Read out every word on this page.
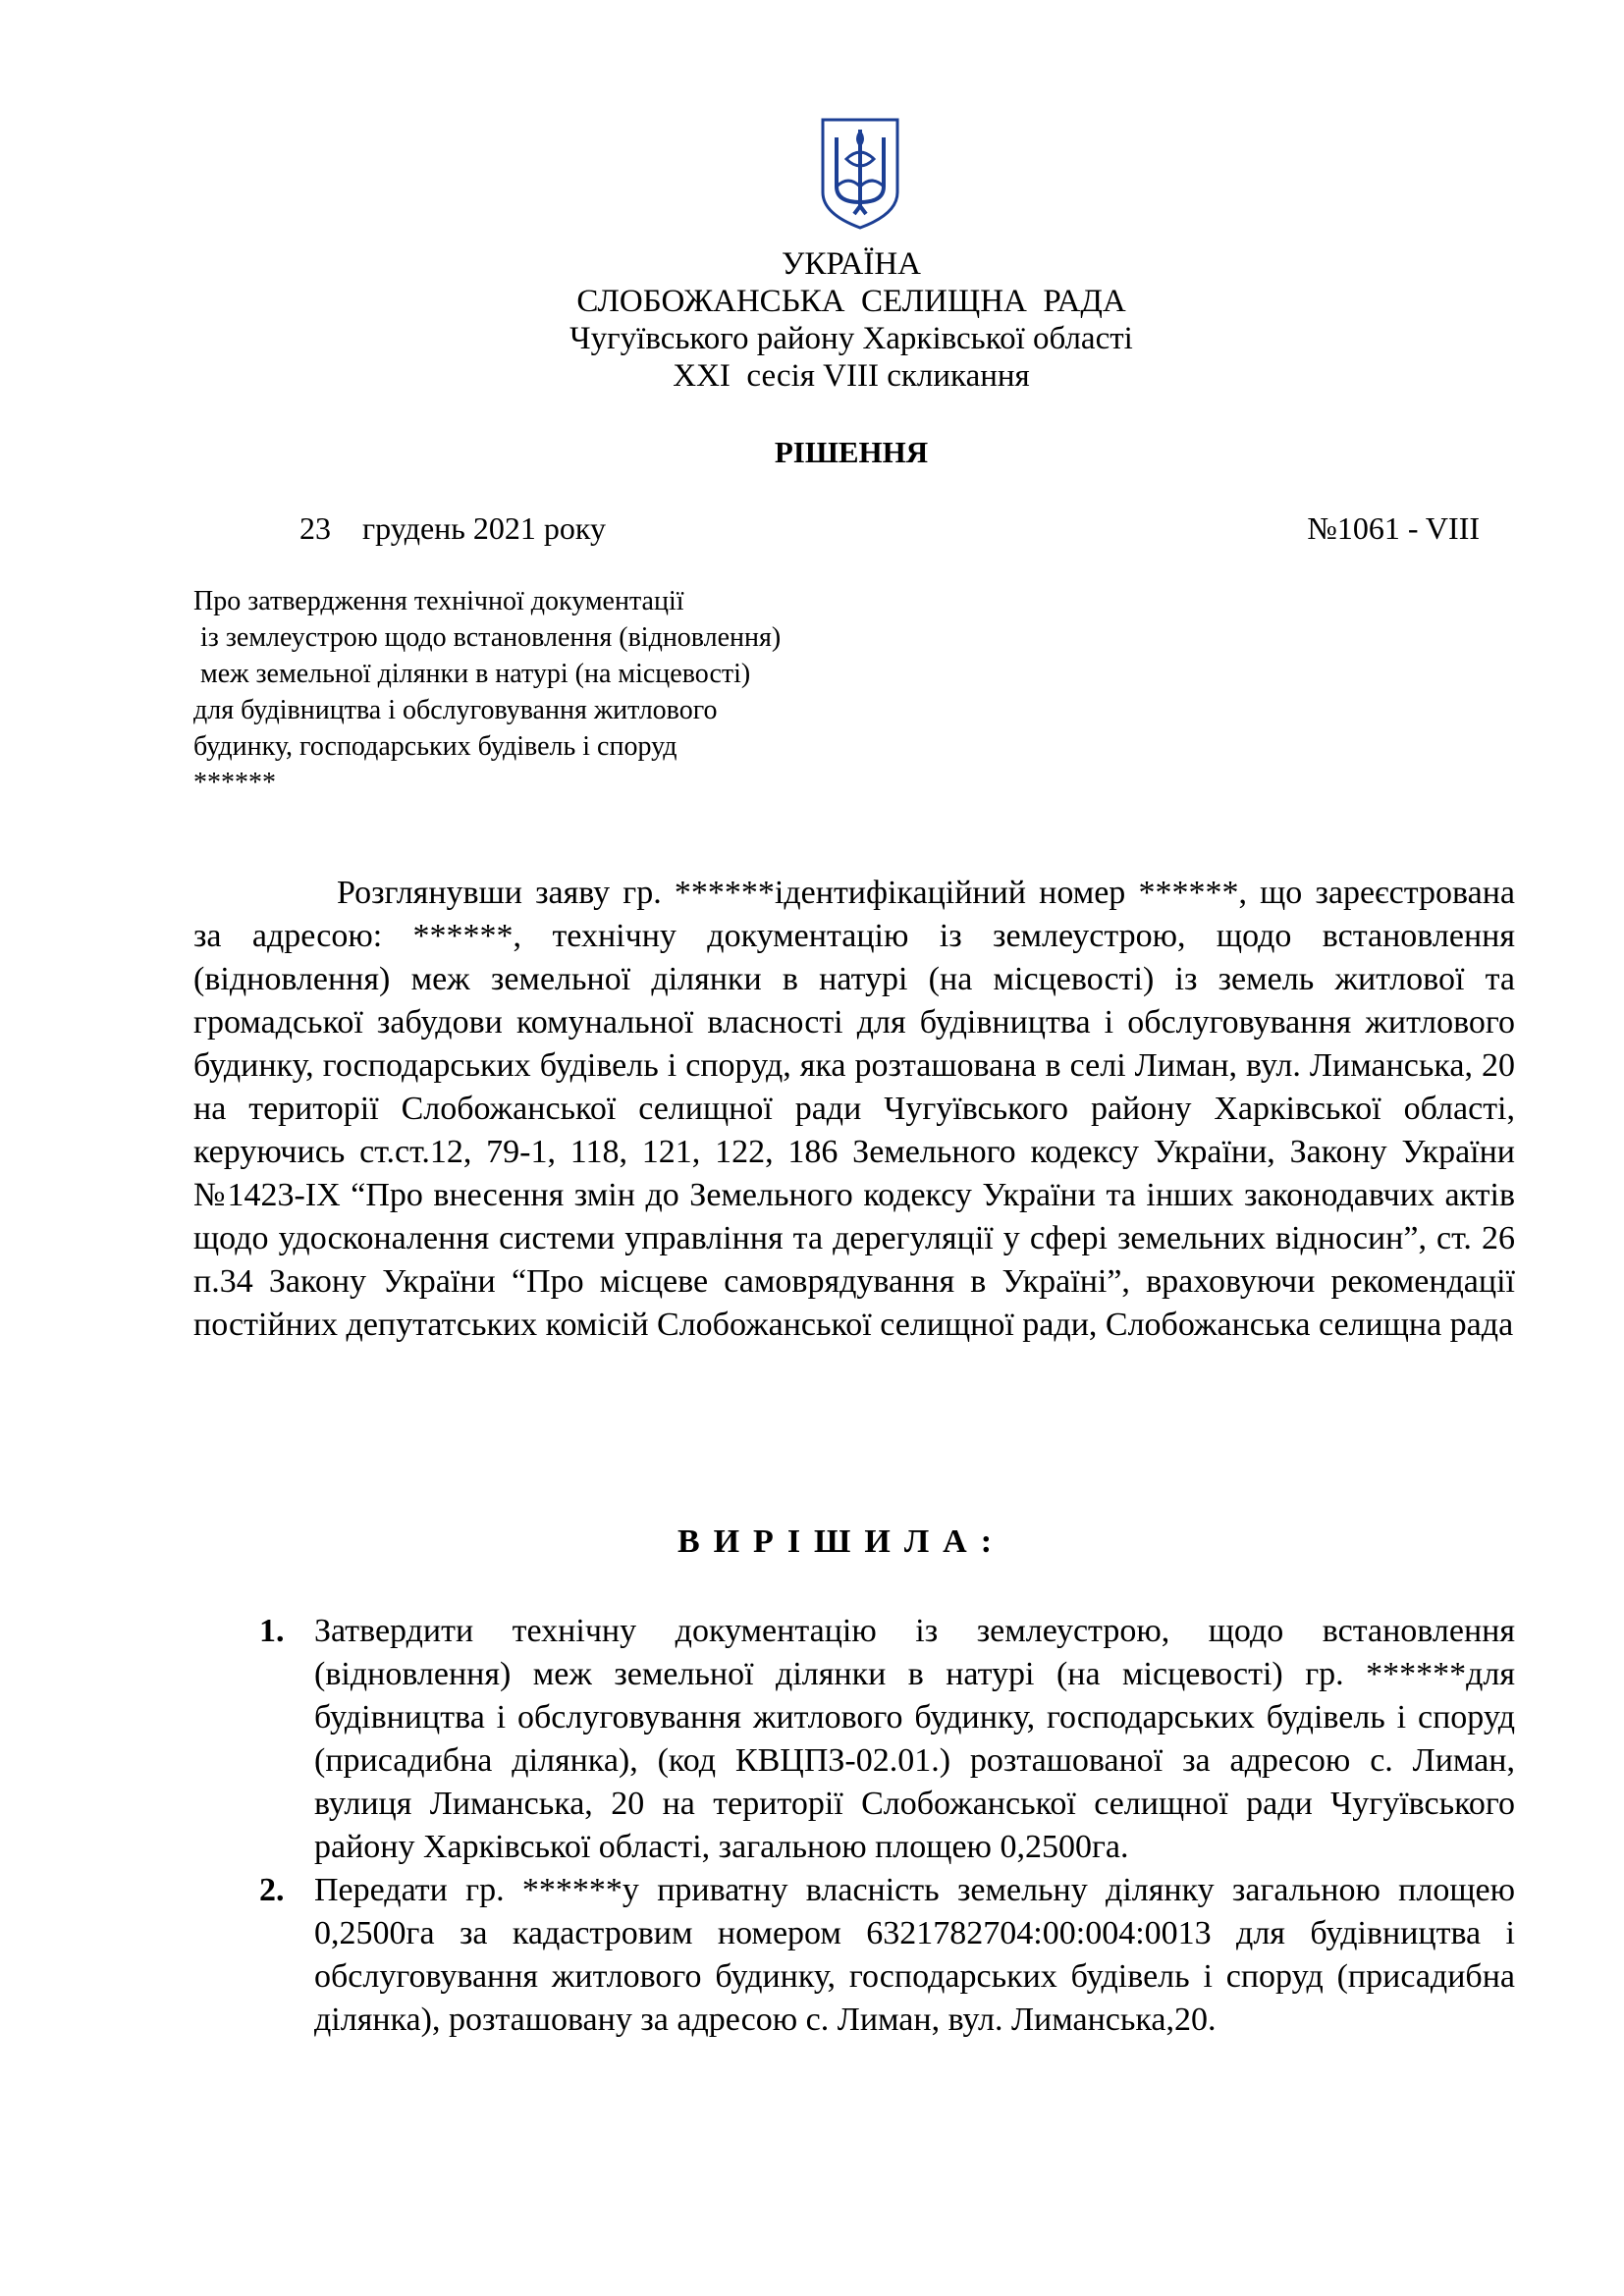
УКРАЇНА
СЛОБОЖАНСЬКА  СЕЛИЩНА  РАДА
Чугуївського району Харківської області
XXI  сесія VIII скликання
РІШЕННЯ
23    грудень 2021 року	№1061 - VIII
Про затвердження технічної документації
із землеустрою щодо встановлення (відновлення)
меж земельної ділянки в натурі (на місцевості)
для будівництва і обслуговування житлового
будинку, господарських будівель і споруд
******

Розглянувши заяву гр. ******ідентифікаційний номер ******, що зареєстрована за адресою: ******, технічну документацію із землеустрою, щодо встановлення (відновлення) меж земельної ділянки в натурі (на місцевості) із земель житлової та громадської забудови комунальної власності для будівництва і обслуговування житлового будинку, господарських будівель і споруд, яка розташована в селі Лиман, вул. Лиманська, 20 на території Слобожанської селищної ради Чугуївського району Харківської області, керуючись ст.ст.12, 79-1, 118, 121, 122, 186 Земельного кодексу України, Закону України №1423-IX “Про внесення змін до Земельного кодексу України та інших законодавчих актів щодо удосконалення системи управління та дерегуляції у сфері земельних відносин”, ст. 26 п.34 Закону України “Про місцеве самоврядування в Україні”, враховуючи рекомендації постійних депутатських комісій Слобожанської селищної ради, Слобожанська селищна рада

ВИРІШИЛА:
1. Затвердити технічну документацію із землеустрою, щодо встановлення (відновлення) меж земельної ділянки в натурі (на місцевості) гр. ******для будівництва і обслуговування житлового будинку, господарських будівель і споруд (присадибна ділянка), (код КВЦПЗ-02.01.) розташованої за адресою с. Лиман, вулиця Лиманська, 20 на території Слобожанської селищної ради Чугуївського району Харківської області, загальною площею 0,2500га.
2. Передати гр. ******у приватну власність земельну ділянку загальною площею 0,2500га за кадастровим номером 6321782704:00:004:0013 для будівництва і обслуговування житлового будинку, господарських будівель і споруд (присадибна ділянка), розташовану за адресою с. Лиман, вул. Лиманська,20.
